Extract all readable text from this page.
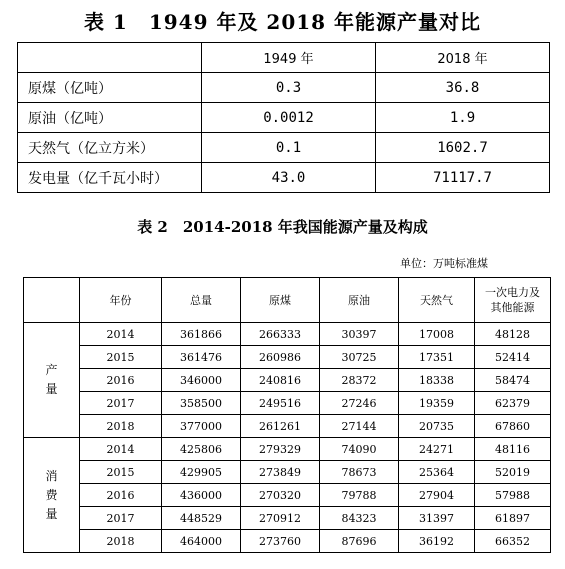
表 1　1949 年及 2018 年能源产量对比
	1949 年	2018 年
原煤（亿吨）	0.3	36.8
原油（亿吨）	0.0012	1.9
天然气（亿立方米）	0.1	1602.7
发电量（亿千瓦小时）	43.0	71117.7
表 2　2014-2018 年我国能源产量及构成
单位：万吨标准煤
	年份	总量	原煤	原油	天然气	一次电力及
其他能源

产
量	2014	361866	266333	30397	17008	48128
	2015	361476	260986	30725	17351	52414
	2016	346000	240816	28372	18338	58474
	2017	358500	249516	27246	19359	62379
	2018	377000	261261	27144	20735	67860

消
费
量	2014	425806	279329	74090	24271	48116
	2015	429905	273849	78673	25364	52019
	2016	436000	270320	79788	27904	57988
	2017	448529	270912	84323	31397	61897
	2018	464000	273760	87696	36192	66352
